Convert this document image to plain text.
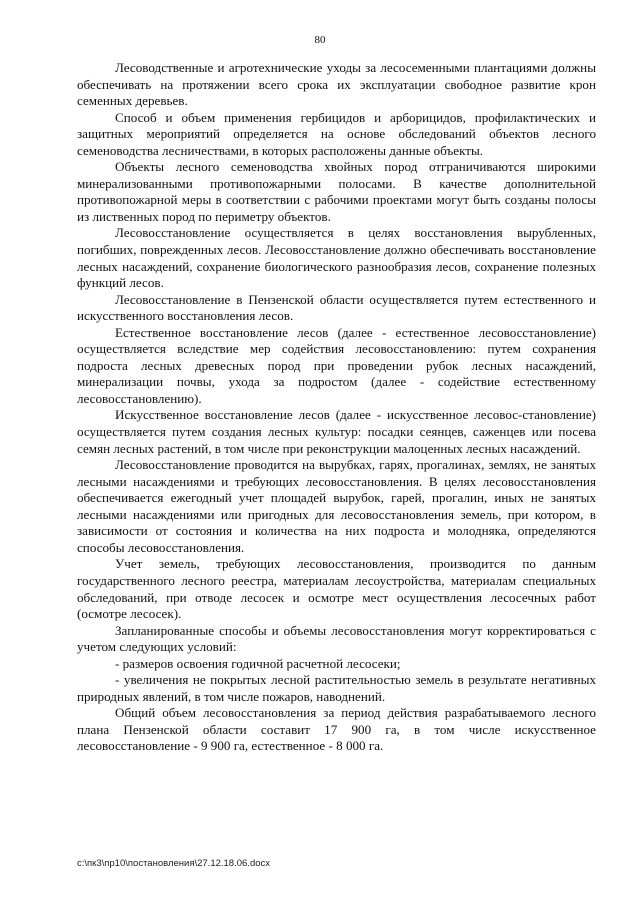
80

Лесоводственные и агротехнические уходы за лесосеменными плантациями должны обеспечивать на протяжении всего срока их эксплуатации свободное развитие крон семенных деревьев.

Способ и объем применения гербицидов и арборицидов, профилактических и защитных мероприятий определяется на основе обследований объектов лесного семеноводства лесничествами, в которых расположены данные объекты.

Объекты лесного семеноводства хвойных пород отграничиваются широкими минерализованными противопожарными полосами. В качестве дополнительной противопожарной меры в соответствии с рабочими проектами могут быть созданы полосы из лиственных пород по периметру объектов.

Лесовосстановление осуществляется в целях восстановления вырубленных, погибших, поврежденных лесов. Лесовосстановление должно обеспечивать восстановление лесных насаждений, сохранение биологического разнообразия лесов, сохранение полезных функций лесов.

Лесовосстановление в Пензенской области осуществляется путем естественного и искусственного восстановления лесов.

Естественное восстановление лесов (далее - естественное лесовосстановление) осуществляется вследствие мер содействия лесовосстановлению: путем сохранения подроста лесных древесных пород при проведении рубок лесных насаждений, минерализации почвы, ухода за подростом (далее - содействие естественному лесовосстановлению).

Искусственное восстановление лесов (далее - искусственное лесовос-становление) осуществляется путем создания лесных культур: посадки сеянцев, саженцев или посева семян лесных растений, в том числе при реконструкции малоценных лесных насаждений.

Лесовосстановление проводится на вырубках, гарях, прогалинах, землях, не занятых лесными насаждениями и требующих лесовосстановления. В целях лесовосстановления обеспечивается ежегодный учет площадей вырубок, гарей, прогалин, иных не занятых лесными насаждениями или пригодных для лесовосстановления земель, при котором, в зависимости от состояния и количества на них подроста и молодняка, определяются способы лесовосстановления.

Учет земель, требующих лесовосстановления, производится по данным государственного лесного реестра, материалам лесоустройства, материалам специальных обследований, при отводе лесосек и осмотре мест осуществления лесосечных работ (осмотре лесосек).

Запланированные способы и объемы лесовосстановления могут корректироваться с учетом следующих условий:

- размеров освоения годичной расчетной лесосеки;

- увеличения не покрытых лесной растительностью земель в результате негативных природных явлений, в том числе пожаров, наводнений.

Общий объем лесовосстановления за период действия разрабатываемого лесного плана Пензенской области составит 17 900 га, в том числе искусственное лесовосстановление - 9 900 га, естественное - 8 000 га.

c:\пк3\пр10\постановления\27.12.18.06.docx
